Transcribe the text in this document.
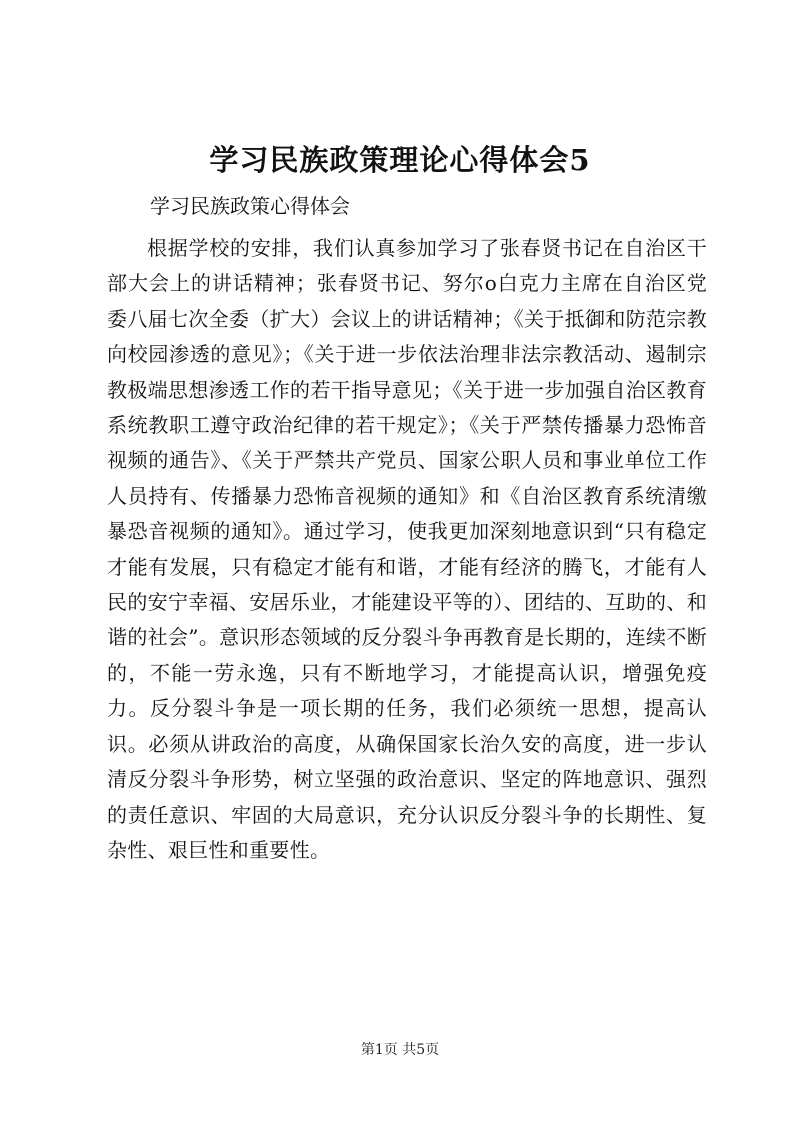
学习民族政策理论心得体会5
学习民族政策心得体会

根据学校的安排，我们认真参加学习了张春贤书记在自治区干部大会上的讲话精神；张春贤书记、努尔o白克力主席在自治区党委八届七次全委（扩大）会议上的讲话精神；《关于抵御和防范宗教向校园渗透的意见》；《关于进一步依法治理非法宗教活动、遏制宗教极端思想渗透工作的若干指导意见；《关于进一步加强自治区教育系统教职工遵守政治纪律的若干规定》；《关于严禁传播暴力恐怖音视频的通告》、《关于严禁共产党员、国家公职人员和事业单位工作人员持有、传播暴力恐怖音视频的通知》和《自治区教育系统清缴暴恐音视频的通知》。通过学习，使我更加深刻地意识到“只有稳定才能有发展，只有稳定才能有和谐，才能有经济的腾飞，才能有人民的安宁幸福、安居乐业，才能建设平等的）、团结的、互助的、和谐的社会”。意识形态领域的反分裂斗争再教育是长期的，连续不断的，不能一劳永逸，只有不断地学习，才能提高认识，增强免疫力。反分裂斗争是一项长期的任务，我们必须统一思想，提高认识。必须从讲政治的高度，从确保国家长治久安的高度，进一步认清反分裂斗争形势，树立坚强的政治意识、坚定的阵地意识、强烈的责任意识、牢固的大局意识，充分认识反分裂斗争的长期性、复杂性、艰巨性和重要性。

第1页 共5页
